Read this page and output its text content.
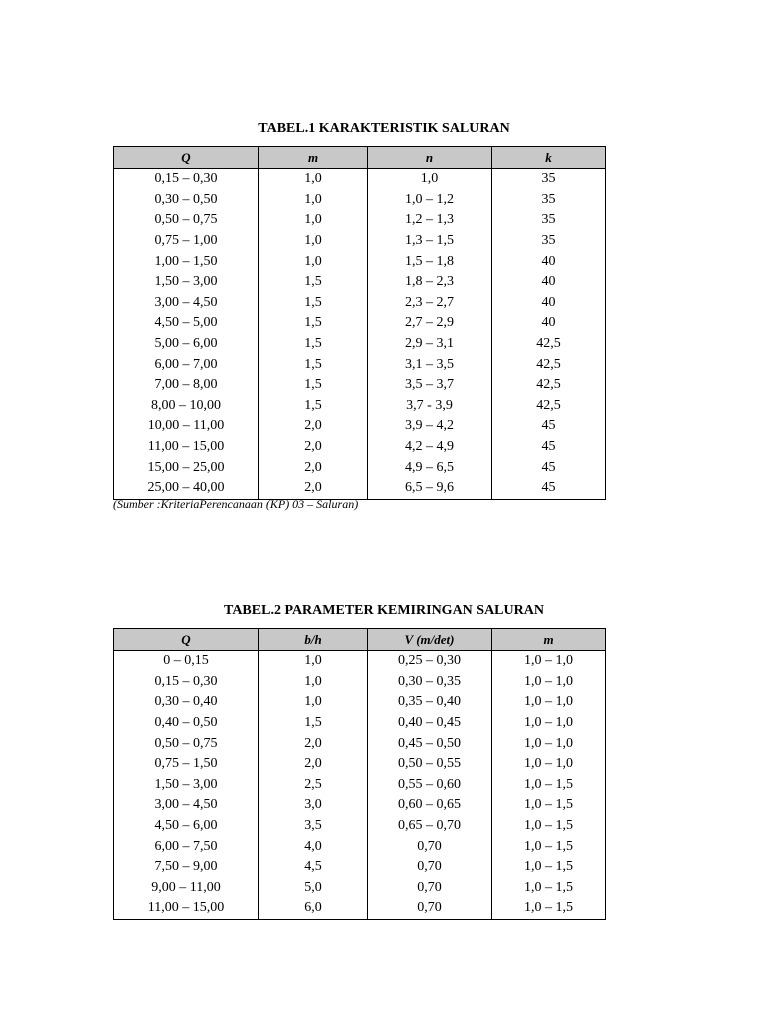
TABEL.1 KARAKTERISTIK SALURAN
Q	m	n	k
0,15 – 0,30	1,0	1,0	35
0,30 – 0,50	1,0	1,0 – 1,2	35
0,50 – 0,75	1,0	1,2 – 1,3	35
0,75 – 1,00	1,0	1,3 – 1,5	35
1,00 – 1,50	1,0	1,5 – 1,8	40
1,50 – 3,00	1,5	1,8 – 2,3	40
3,00 – 4,50	1,5	2,3 – 2,7	40
4,50 – 5,00	1,5	2,7 – 2,9	40
5,00 – 6,00	1,5	2,9 – 3,1	42,5
6,00 – 7,00	1,5	3,1 – 3,5	42,5
7,00 – 8,00	1,5	3,5 – 3,7	42,5
8,00 – 10,00	1,5	3,7 - 3,9	42,5
10,00 – 11,00	2,0	3,9 – 4,2	45
11,00 – 15,00	2,0	4,2 – 4,9	45
15,00 – 25,00	2,0	4,9 – 6,5	45
25,00 – 40,00	2,0	6,5 – 9,6	45
(Sumber :KriteriaPerencanaan (KP) 03 – Saluran)
TABEL.2 PARAMETER KEMIRINGAN SALURAN
Q	b/h	V (m/det)	m
0 – 0,15	1,0	0,25 – 0,30	1,0 – 1,0
0,15 – 0,30	1,0	0,30 – 0,35	1,0 – 1,0
0,30 – 0,40	1,0	0,35 – 0,40	1,0 – 1,0
0,40 – 0,50	1,5	0,40 – 0,45	1,0 – 1,0
0,50 – 0,75	2,0	0,45 – 0,50	1,0 – 1,0
0,75 – 1,50	2,0	0,50 – 0,55	1,0 – 1,0
1,50 – 3,00	2,5	0,55 – 0,60	1,0 – 1,5
3,00 – 4,50	3,0	0,60 – 0,65	1,0 – 1,5
4,50 – 6,00	3,5	0,65 – 0,70	1,0 – 1,5
6,00 – 7,50	4,0	0,70	1,0 – 1,5
7,50 – 9,00	4,5	0,70	1,0 – 1,5
9,00 – 11,00	5,0	0,70	1,0 – 1,5
11,00 – 15,00	6,0	0,70	1,0 – 1,5
